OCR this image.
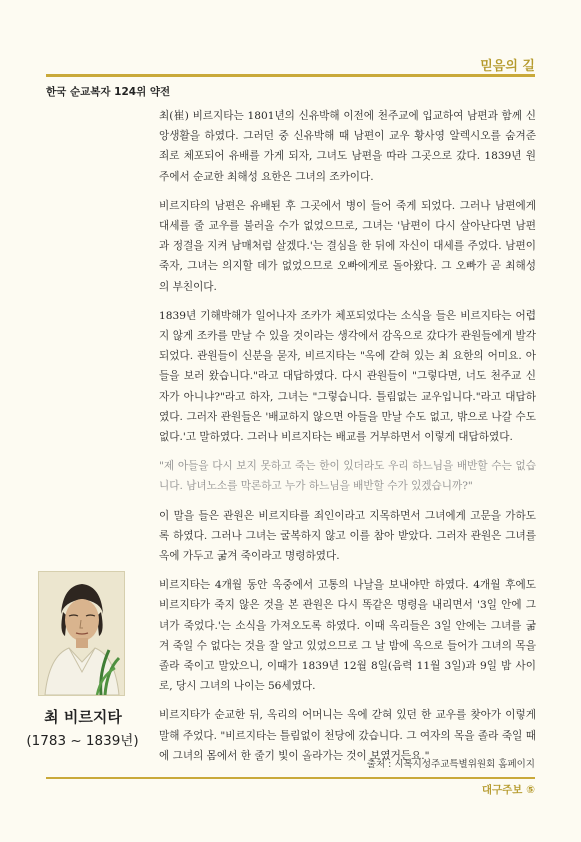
믿음의 길
한국 순교복자 124위 약전

최(崔) 비르지타는 1801년의 신유박해 이전에 천주교에 입교하여 남편과 함께 신앙생활을 하였다. 그러던 중 신유박해 때 남편이 교우 황사영 알렉시오를 숨겨준 죄로 체포되어 유배를 가게 되자, 그녀도 남편을 따라 그곳으로 갔다. 1839년 원주에서 순교한 최해성 요한은 그녀의 조카이다.

비르지타의 남편은 유배된 후 그곳에서 병이 들어 죽게 되었다. 그러나 남편에게 대세를 줄 교우를 불러올 수가 없었으므로, 그녀는 '남편이 다시 살아난다면 남편과 정결을 지켜 남매처럼 살겠다.'는 결심을 한 뒤에 자신이 대세를 주었다. 남편이 죽자, 그녀는 의지할 데가 없었으므로 오빠에게로 돌아왔다. 그 오빠가 곧 최해성의 부친이다.

1839년 기해박해가 일어나자 조카가 체포되었다는 소식을 들은 비르지타는 어렵지 않게 조카를 만날 수 있을 것이라는 생각에서 감옥으로 갔다가 관원들에게 발각되었다. 관원들이 신분을 묻자, 비르지타는 "옥에 갇혀 있는 최 요한의 어미요. 아들을 보러 왔습니다."라고 대답하였다. 다시 관원들이 "그렇다면, 너도 천주교 신자가 아니냐?"라고 하자, 그녀는 "그렇습니다. 틀림없는 교우입니다."라고 대답하였다. 그러자 관원들은 '배교하지 않으면 아들을 만날 수도 없고, 밖으로 나갈 수도 없다.'고 말하였다. 그러나 비르지타는 배교를 거부하면서 이렇게 대답하였다.

"제 아들을 다시 보지 못하고 죽는 한이 있더라도 우리 하느님을 배반할 수는 없습니다. 남녀노소를 막론하고 누가 하느님을 배반할 수가 있겠습니까?"

이 말을 들은 관원은 비르지타를 죄인이라고 지목하면서 그녀에게 고문을 가하도록 하였다. 그러나 그녀는 굴복하지 않고 이를 참아 받았다. 그러자 관원은 그녀를 옥에 가두고 굶겨 죽이라고 명령하였다.

비르지타는 4개월 동안 옥중에서 고통의 나날을 보내야만 하였다. 4개월 후에도 비르지타가 죽지 않은 것을 본 관원은 다시 똑같은 명령을 내리면서 '3일 안에 그녀가 죽었다.'는 소식을 가져오도록 하였다. 이때 옥리들은 3일 안에는 그녀를 굶겨 죽일 수 없다는 것을 잘 알고 있었으므로 그 날 밤에 옥으로 들어가 그녀의 목을 졸라 죽이고 말았으니, 이때가 1839년 12월 8일(음력 11월 3일)과 9일 밤 사이로, 당시 그녀의 나이는 56세였다.

비르지타가 순교한 뒤, 옥리의 어머니는 옥에 갇혀 있던 한 교우를 찾아가 이렇게 말해 주었다. "비르지타는 틀림없이 천당에 갔습니다. 그 여자의 목을 졸라 죽일 때에 그녀의 몸에서 한 줄기 빛이 올라가는 것이 보였거든요."

최 비르지타
(1783 ~ 1839년)
출처 : 시복시성주교특별위원회 홈페이지
대구주보 ⑤
